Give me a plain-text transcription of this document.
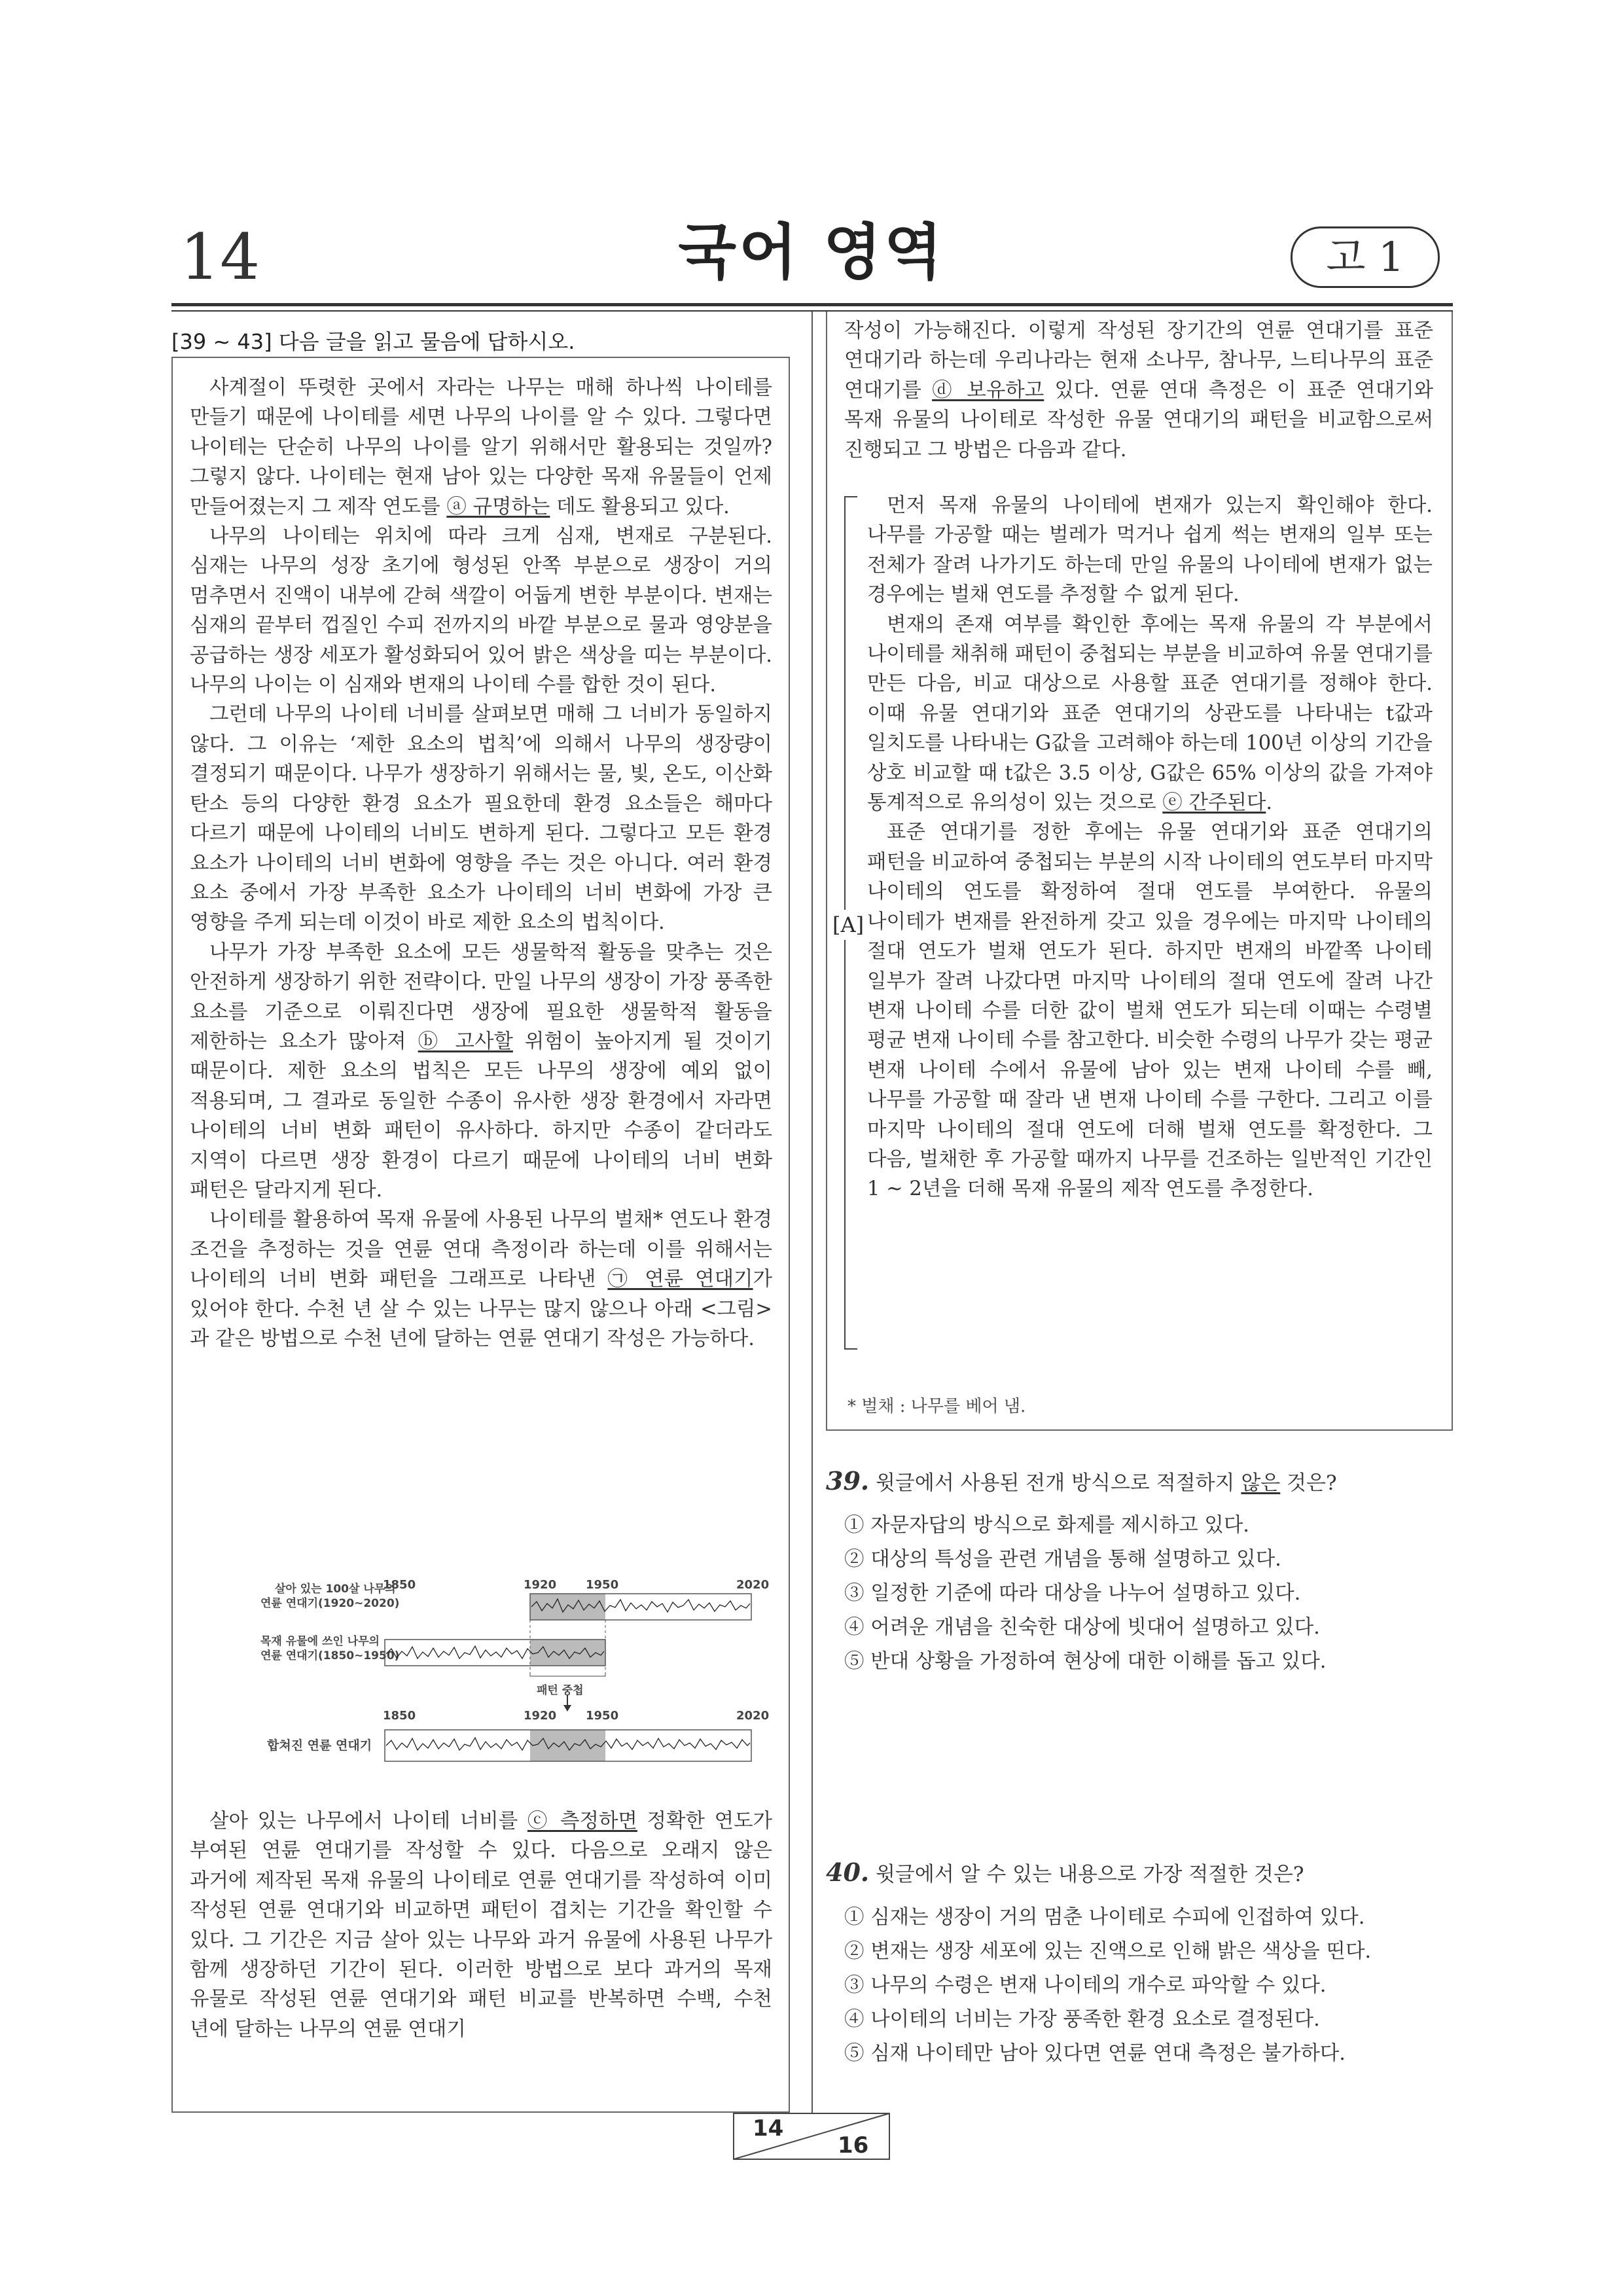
14	국어 영역	고 1
[39 ~ 43] 다음 글을 읽고 물음에 답하시오.

사계절이 뚜렷한 곳에서 자라는 나무는 매해 하나씩 나이테를 만들기 때문에 나이테를 세면 나무의 나이를 알 수 있다. 그렇다면 나이테는 단순히 나무의 나이를 알기 위해서만 활용되는 것일까? 그렇지 않다. 나이테는 현재 남아 있는 다양한 목재 유물들이 언제 만들어졌는지 그 제작 연도를 ⓐ 규명하는 데도 활용되고 있다.

나무의 나이테는 위치에 따라 크게 심재, 변재로 구분된다. 심재는 나무의 성장 초기에 형성된 안쪽 부분으로 생장이 거의 멈추면서 진액이 내부에 갇혀 색깔이 어둡게 변한 부분이다. 변재는 심재의 끝부터 껍질인 수피 전까지의 바깥 부분으로 물과 영양분을 공급하는 생장 세포가 활성화되어 있어 밝은 색상을 띠는 부분이다. 나무의 나이는 이 심재와 변재의 나이테 수를 합한 것이 된다.

그런데 나무의 나이테 너비를 살펴보면 매해 그 너비가 동일하지 않다. 그 이유는 ‘제한 요소의 법칙’에 의해서 나무의 생장량이 결정되기 때문이다. 나무가 생장하기 위해서는 물, 빛, 온도, 이산화 탄소 등의 다양한 환경 요소가 필요한데 환경 요소들은 해마다 다르기 때문에 나이테의 너비도 변하게 된다. 그렇다고 모든 환경 요소가 나이테의 너비 변화에 영향을 주는 것은 아니다. 여러 환경 요소 중에서 가장 부족한 요소가 나이테의 너비 변화에 가장 큰 영향을 주게 되는데 이것이 바로 제한 요소의 법칙이다.

나무가 가장 부족한 요소에 모든 생물학적 활동을 맞추는 것은 안전하게 생장하기 위한 전략이다. 만일 나무의 생장이 가장 풍족한 요소를 기준으로 이뤄진다면 생장에 필요한 생물학적 활동을 제한하는 요소가 많아져 ⓑ 고사할 위험이 높아지게 될 것이기 때문이다. 제한 요소의 법칙은 모든 나무의 생장에 예외 없이 적용되며, 그 결과로 동일한 수종이 유사한 생장 환경에서 자라면 나이테의 너비 변화 패턴이 유사하다. 하지만 수종이 같더라도 지역이 다르면 생장 환경이 다르기 때문에 나이테의 너비 변화 패턴은 달라지게 된다.

나이테를 활용하여 목재 유물에 사용된 나무의 벌채* 연도나 환경 조건을 추정하는 것을 연륜 연대 측정이라 하는데 이를 위해서는 나이테의 너비 변화 패턴을 그래프로 나타낸 ㉠ 연륜 연대기가 있어야 한다. 수천 년 살 수 있는 나무는 많지 않으나 아래 <그림>과 같은 방법으로 수천 년에 달하는 연륜 연대기 작성은 가능하다.

1850	1920 1950	2020
살아 있는 100살 나무의
연륜 연대기(1920~2020)
목재 유물에 쓰인 나무의
연륜 연대기(1850~1950)
패턴 중첩
1850	1920 1950	2020
합쳐진 연륜 연대기

살아 있는 나무에서 나이테 너비를 ⓒ 측정하면 정확한 연도가 부여된 연륜 연대기를 작성할 수 있다. 다음으로 오래지 않은 과거에 제작된 목재 유물의 나이테로 연륜 연대기를 작성하여 이미 작성된 연륜 연대기와 비교하면 패턴이 겹치는 기간을 확인할 수 있다. 그 기간은 지금 살아 있는 나무와 과거 유물에 사용된 나무가 함께 생장하던 기간이 된다. 이러한 방법으로 보다 과거의 목재 유물로 작성된 연륜 연대기와 패턴 비교를 반복하면 수백, 수천 년에 달하는 나무의 연륜 연대기

작성이 가능해진다. 이렇게 작성된 장기간의 연륜 연대기를 표준 연대기라 하는데 우리나라는 현재 소나무, 참나무, 느티나무의 표준 연대기를 ⓓ 보유하고 있다. 연륜 연대 측정은 이 표준 연대기와 목재 유물의 나이테로 작성한 유물 연대기의 패턴을 비교함으로써 진행되고 그 방법은 다음과 같다.

[A]

먼저 목재 유물의 나이테에 변재가 있는지 확인해야 한다. 나무를 가공할 때는 벌레가 먹거나 쉽게 썩는 변재의 일부 또는 전체가 잘려 나가기도 하는데 만일 유물의 나이테에 변재가 없는 경우에는 벌채 연도를 추정할 수 없게 된다.

변재의 존재 여부를 확인한 후에는 목재 유물의 각 부분에서 나이테를 채취해 패턴이 중첩되는 부분을 비교하여 유물 연대기를 만든 다음, 비교 대상으로 사용할 표준 연대기를 정해야 한다. 이때 유물 연대기와 표준 연대기의 상관도를 나타내는 t값과 일치도를 나타내는 G값을 고려해야 하는데 100년 이상의 기간을 상호 비교할 때 t값은 3.5 이상, G값은 65% 이상의 값을 가져야 통계적으로 유의성이 있는 것으로 ⓔ 간주된다.

표준 연대기를 정한 후에는 유물 연대기와 표준 연대기의 패턴을 비교하여 중첩되는 부분의 시작 나이테의 연도부터 마지막 나이테의 연도를 확정하여 절대 연도를 부여한다. 유물의 나이테가 변재를 완전하게 갖고 있을 경우에는 마지막 나이테의 절대 연도가 벌채 연도가 된다. 하지만 변재의 바깥쪽 나이테 일부가 잘려 나갔다면 마지막 나이테의 절대 연도에 잘려 나간 변재 나이테 수를 더한 값이 벌채 연도가 되는데 이때는 수령별 평균 변재 나이테 수를 참고한다. 비슷한 수령의 나무가 갖는 평균 변재 나이테 수에서 유물에 남아 있는 변재 나이테 수를 빼, 나무를 가공할 때 잘라 낸 변재 나이테 수를 구한다. 그리고 이를 마지막 나이테의 절대 연도에 더해 벌채 연도를 확정한다. 그 다음, 벌채한 후 가공할 때까지 나무를 건조하는 일반적인 기간인 1 ~ 2년을 더해 목재 유물의 제작 연도를 추정한다.

* 벌채 : 나무를 베어 냄.
39. 윗글에서 사용된 전개 방식으로 적절하지 않은 것은?
① 자문자답의 방식으로 화제를 제시하고 있다.
② 대상의 특성을 관련 개념을 통해 설명하고 있다.
③ 일정한 기준에 따라 대상을 나누어 설명하고 있다.
④ 어려운 개념을 친숙한 대상에 빗대어 설명하고 있다.
⑤ 반대 상황을 가정하여 현상에 대한 이해를 돕고 있다.
40. 윗글에서 알 수 있는 내용으로 가장 적절한 것은?
① 심재는 생장이 거의 멈춘 나이테로 수피에 인접하여 있다.
② 변재는 생장 세포에 있는 진액으로 인해 밝은 색상을 띤다.
③ 나무의 수령은 변재 나이테의 개수로 파악할 수 있다.
④ 나이테의 너비는 가장 풍족한 환경 요소로 결정된다.
⑤ 심재 나이테만 남아 있다면 연륜 연대 측정은 불가하다.
14
16
